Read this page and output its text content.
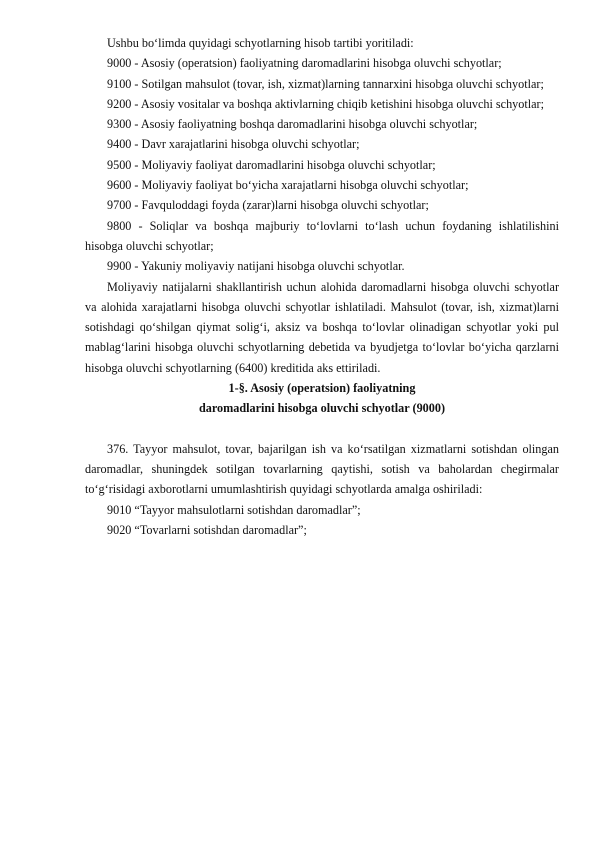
Ushbu bo‘limda quyidagi schyotlarning hisob tartibi yoritiladi:

9000 - Asosiy (operatsion) faoliyatning daromadlarini hisobga oluvchi schyotlar;

9100 - Sotilgan mahsulot (tovar, ish, xizmat)larning tannarxini hisobga oluvchi schyotlar;

9200 - Asosiy vositalar va boshqa aktivlarning chiqib ketishini hisobga oluvchi schyotlar;

9300 - Asosiy faoliyatning boshqa daromadlarini hisobga oluvchi schyotlar;

9400 - Davr xarajatlarini hisobga oluvchi schyotlar;

9500 - Moliyaviy faoliyat daromadlarini hisobga oluvchi schyotlar;

9600 - Moliyaviy faoliyat bo‘yicha xarajatlarni hisobga oluvchi schyotlar;

9700 - Favquloddagi foyda (zarar)larni hisobga oluvchi schyotlar;

9800 - Soliqlar va boshqa majburiy to‘lovlarni to‘lash uchun foydaning ishlatilishini hisobga oluvchi schyotlar;

9900 - Yakuniy moliyaviy natijani hisobga oluvchi schyotlar.

Moliyaviy natijalarni shakllantirish uchun alohida daromadlarni hisobga oluvchi schyotlar va alohida xarajatlarni hisobga oluvchi schyotlar ishlatiladi. Mahsulot (tovar, ish, xizmat)larni sotishdagi qo‘shilgan qiymat solig‘i, aksiz va boshqa to‘lovlar olinadigan schyotlar yoki pul mablag‘larini hisobga oluvchi schyotlarning debetida va byudjetga to‘lovlar bo‘yicha qarzlarni hisobga oluvchi schyotlarning (6400) kreditida aks ettiriladi.

1-§. Asosiy (operatsion) faoliyatning

daromadlarini hisobga oluvchi schyotlar (9000)

376. Tayyor mahsulot, tovar, bajarilgan ish va ko‘rsatilgan xizmatlarni sotishdan olingan daromadlar, shuningdek sotilgan tovarlarning qaytishi, sotish va baholardan chegirmalar to‘g‘risidagi axborotlarni umumlashtirish quyidagi schyotlarda amalga oshiriladi:

9010 “Tayyor mahsulotlarni sotishdan daromadlar”;

9020 “Tovarlarni sotishdan daromadlar”;
